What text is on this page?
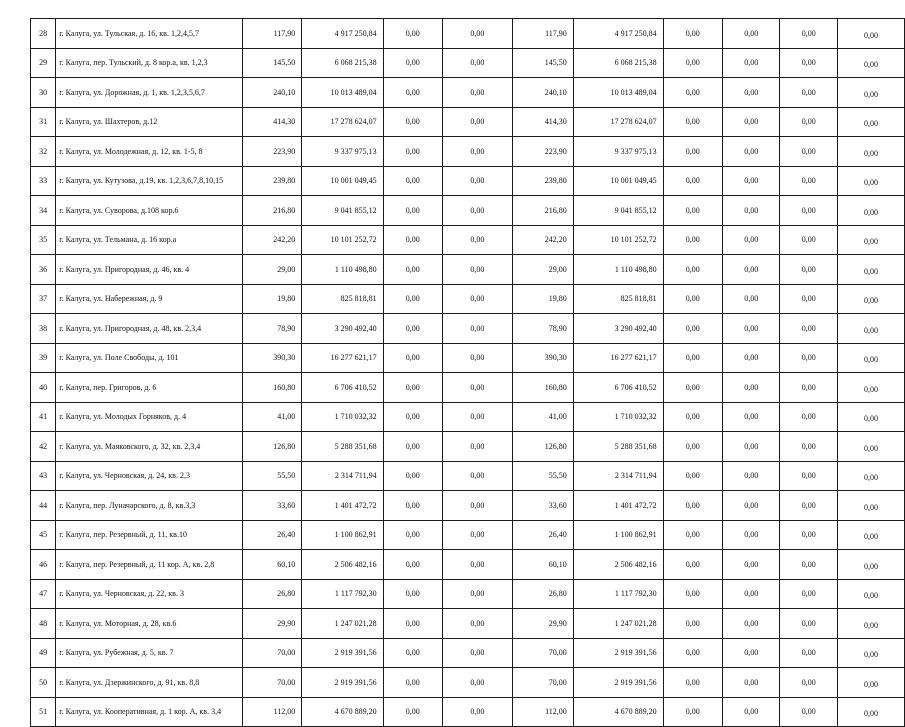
28	г. Калуга, ул. Тульская, д. 16, кв. 1,2,4,5,7	117,90	4 917 250,84	0,00	0,00	117,90	4 917 250,84	0,00	0,00	0,00	0,00
29	г. Калуга, пер. Тульский, д. 8 кор.а, кв. 1,2,3	145,50	6 068 215,38	0,00	0,00	145,50	6 068 215,38	0,00	0,00	0,00	0,00
30	г. Калуга, ул. Дорожная, д. 1, кв. 1,2,3,5,6,7	240,10	10 013 489,04	0,00	0,00	240,10	10 013 489,04	0,00	0,00	0,00	0,00
31	г. Калуга, ул. Шахтеров, д.12	414,30	17 278 624,07	0,00	0,00	414,30	17 278 624,07	0,00	0,00	0,00	0,00
32	г. Калуга, ул. Молодежная, д. 12, кв. 1-5, 8	223,90	9 337 975,13	0,00	0,00	223,90	9 337 975,13	0,00	0,00	0,00	0,00
33	г. Калуга, ул. Кутузова, д.19, кв. 1,2,3,6,7,8,10,15	239,80	10 001 049,45	0,00	0,00	239,80	10 001 049,45	0,00	0,00	0,00	0,00
34	г. Калуга, ул. Суворова, д.108 кор.6	216,80	9 041 855,12	0,00	0,00	216,80	9 041 855,12	0,00	0,00	0,00	0,00
35	г. Калуга, ул. Тельмана, д. 16 кор.а	242,20	10 101 252,72	0,00	0,00	242,20	10 101 252,72	0,00	0,00	0,00	0,00
36	г. Калуга, ул. Пригородная, д. 46, кв. 4	29,00	1 110 498,80	0,00	0,00	29,00	1 110 498,80	0,00	0,00	0,00	0,00
37	г. Калуга, ул. Набережная, д. 9	19,80	825 818,81	0,00	0,00	19,80	825 818,81	0,00	0,00	0,00	0,00
38	г. Калуга, ул. Пригородная, д. 48, кв. 2,3,4	78,90	3 290 492,40	0,00	0,00	78,90	3 290 492,40	0,00	0,00	0,00	0,00
39	г. Калуга, ул. Поле Свободы, д. 101	390,30	16 277 621,17	0,00	0,00	390,30	16 277 621,17	0,00	0,00	0,00	0,00
40	г. Калуга, пер. Григоров, д. 6	160,80	6 706 410,52	0,00	0,00	160,80	6 706 410,52	0,00	0,00	0,00	0,00
41	г. Калуга, ул. Молодых Горняков, д. 4	41,00	1 710 032,32	0,00	0,00	41,00	1 710 032,32	0,00	0,00	0,00	0,00
42	г. Калуга, ул. Маяковского, д. 32, кв. 2,3,4	126,80	5 288 351,68	0,00	0,00	126,80	5 288 351,68	0,00	0,00	0,00	0,00
43	г. Калуга, ул. Черновская, д. 24, кв. 2,3	55,50	2 314 711,94	0,00	0,00	55,50	2 314 711,94	0,00	0,00	0,00	0,00
44	г. Калуга, пер. Луначарского, д. 8, кв.3,3	33,60	1 401 472,72	0,00	0,00	33,60	1 401 472,72	0,00	0,00	0,00	0,00
45	г. Калуга, пер. Резервный, д. 11, кв.10	26,40	1 100 862,91	0,00	0,00	26,40	1 100 862,91	0,00	0,00	0,00	0,00
46	г. Калуга, пер. Резервный, д. 11 кор. А, кв. 2,8	60,10	2 506 482,16	0,00	0,00	60,10	2 506 482,16	0,00	0,00	0,00	0,00
47	г. Калуга, ул. Черновская, д. 22, кв. 3	26,80	1 117 792,30	0,00	0,00	26,80	1 117 792,30	0,00	0,00	0,00	0,00
48	г. Калуга, ул. Моторная, д. 28, кв.6	29,90	1 247 021,28	0,00	0,00	29,90	1 247 021,28	0,00	0,00	0,00	0,00
49	г. Калуга, ул. Рубежная, д. 5, кв. 7	70,00	2 919 391,56	0,00	0,00	70,00	2 919 391,56	0,00	0,00	0,00	0,00
50	г. Калуга, ул. Дзержинского, д. 91, кв. 8,8	70,00	2 919 391,56	0,00	0,00	70,00	2 919 391,56	0,00	0,00	0,00	0,00
51	г. Калуга, ул. Кооперативная, д. 1 кор. А, кв. 3,4	112,00	4 670 889,20	0,00	0,00	112,00	4 670 889,20	0,00	0,00	0,00	0,00
